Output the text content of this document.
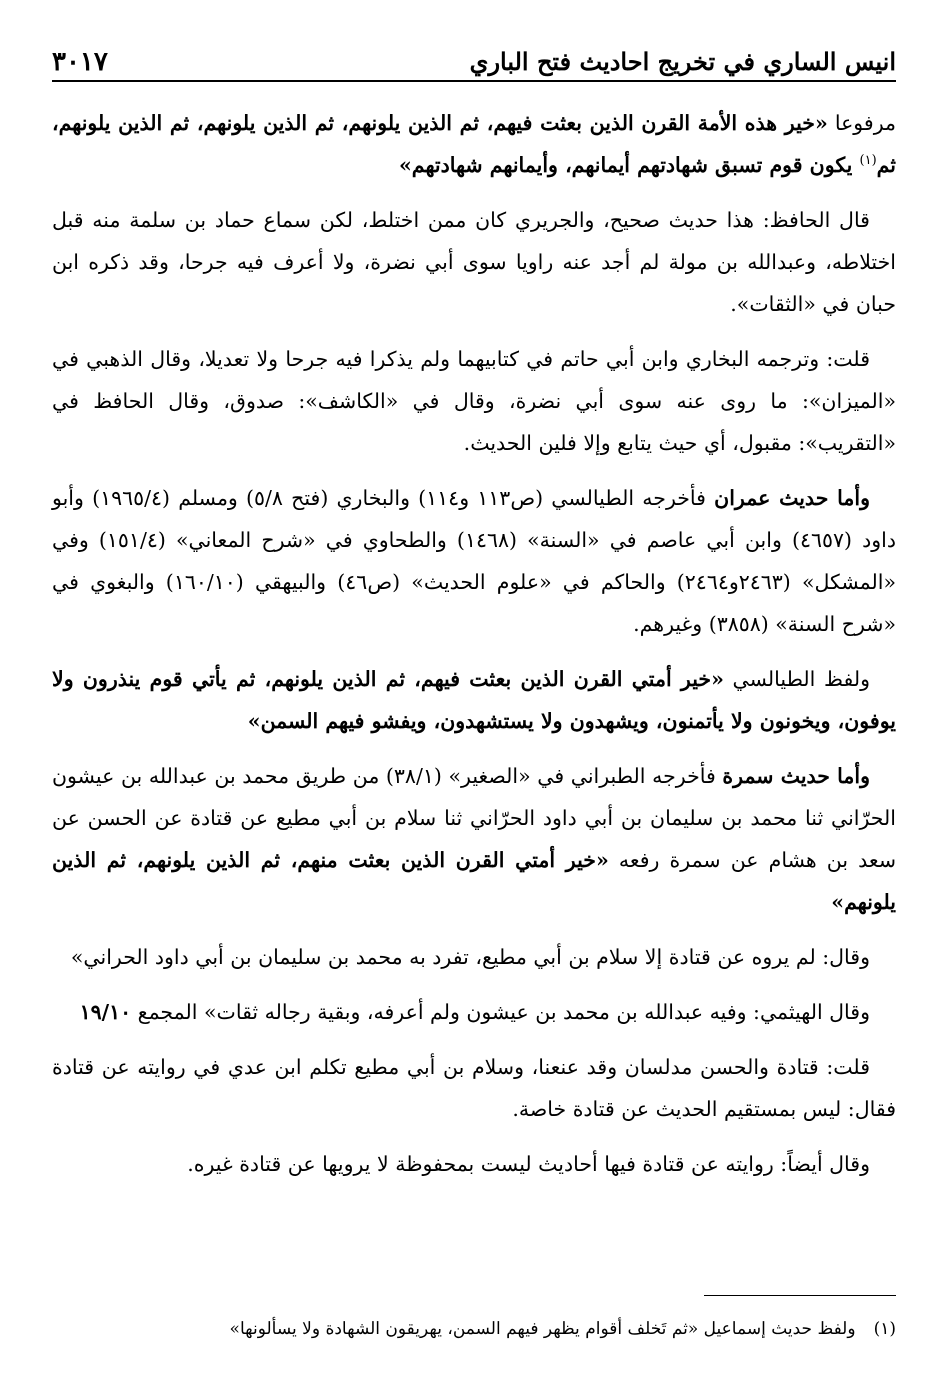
انيس الساري في تخريج احاديث فتح الباري
٣٠١٧

مرفوعا «خير هذه الأمة القرن الذين بعثت فيهم، ثم الذين يلونهم، ثم الذين يلونهم، ثم الذين يلونهم، ثم$^{(١)}$ يكون قوم تسبق شهادتهم أيمانهم، وأيمانهم شهادتهم»

قال الحافظ: هذا حديث صحيح، والجريري كان ممن اختلط، لكن سماع حماد بن سلمة منه قبل اختلاطه، وعبدالله بن مولة لم أجد عنه راويا سوى أبي نضرة، ولا أعرف فيه جرحا، وقد ذكره ابن حبان في «الثقات».

قلت: وترجمه البخاري وابن أبي حاتم في كتابيهما ولم يذكرا فيه جرحا ولا تعديلا، وقال الذهبي في «الميزان»: ما روى عنه سوى أبي نضرة، وقال في «الكاشف»: صدوق، وقال الحافظ في «التقريب»: مقبول، أي حيث يتابع وإلا فلين الحديث.

وأما حديث عمران فأخرجه الطيالسي (ص١١٣ و١١٤) والبخاري (فتح ٥/٨) ومسلم (١٩٦٥/٤) وأبو داود (٤٦٥٧) وابن أبي عاصم في «السنة» (١٤٦٨) والطحاوي في «شرح المعاني» (١٥١/٤) وفي «المشكل» (٢٤٦٣و٢٤٦٤) والحاكم في «علوم الحديث» (ص٤٦) والبيهقي (١٦٠/١٠) والبغوي في «شرح السنة» (٣٨٥٨) وغيرهم.

ولفظ الطيالسي «خير أمتي القرن الذين بعثت فيهم، ثم الذين يلونهم، ثم يأتي قوم ينذرون ولا يوفون، ويخونون ولا يأتمنون، ويشهدون ولا يستشهدون، ويفشو فيهم السمن»

وأما حديث سمرة فأخرجه الطبراني في «الصغير» (٣٨/١) من طريق محمد بن عبدالله بن عيشون الحرّاني ثنا محمد بن سليمان بن أبي داود الحرّاني ثنا سلام بن أبي مطيع عن قتادة عن الحسن عن سعد بن هشام عن سمرة رفعه «خير أمتي القرن الذين بعثت منهم، ثم الذين يلونهم، ثم الذين يلونهم»

وقال: لم يروه عن قتادة إلا سلام بن أبي مطيع، تفرد به محمد بن سليمان بن أبي داود الحراني»

وقال الهيثمي: وفيه عبدالله بن محمد بن عيشون ولم أعرفه، وبقية رجاله ثقات» المجمع ١٩/١٠

قلت: قتادة والحسن مدلسان وقد عنعنا، وسلام بن أبي مطيع تكلم ابن عدي في روايته عن قتادة فقال: ليس بمستقيم الحديث عن قتادة خاصة.

وقال أيضاً: روايته عن قتادة فيها أحاديث ليست بمحفوظة لا يرويها عن قتادة غيره.

(١)ولفظ حديث إسماعيل «ثم تَخلف أقوام يظهر فيهم السمن، يهريقون الشهادة ولا يسألونها»
